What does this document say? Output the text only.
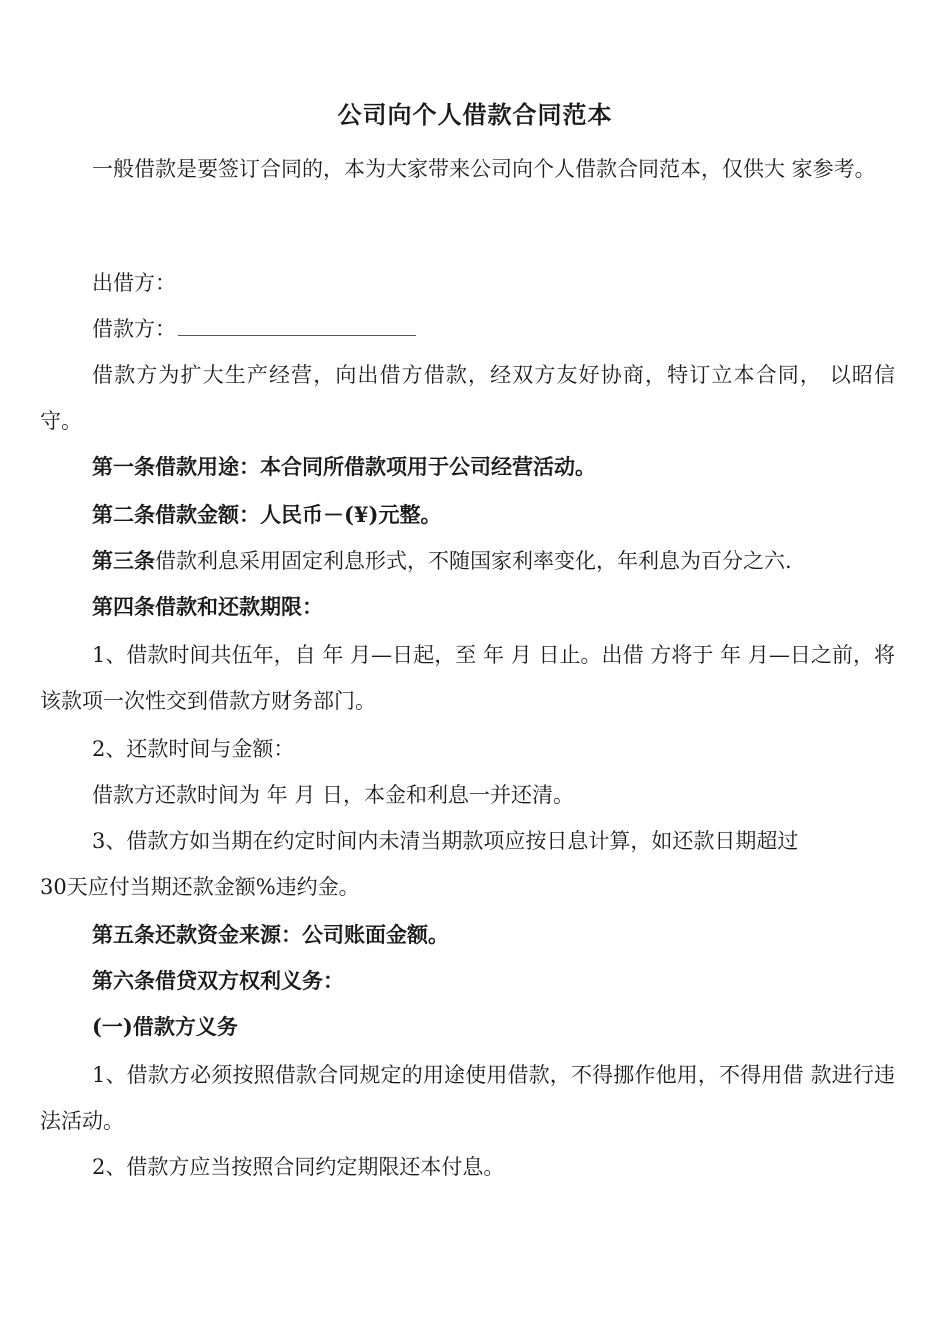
公司向个人借款合同范本
一般借款是要签订合同的，本为大家带来公司向个人借款合同范本，仅供大 家参考。
出借方：
借款方：
借款方为扩大生产经营，向出借方借款，经双方友好协商，特订立本合同， 以昭信守。
第一条借款用途：本合同所借款项用于公司经营活动。
第二条借款金额：人民币－(¥)元整。
第三条借款利息采用固定利息形式，不随国家利率变化，年利息为百分之六.
第四条借款和还款期限：
1、借款时间共伍年，自 年 月—日起，至 年 月 日止。出借 方将于 年 月—日之前，将该款项一次性交到借款方财务部门。
2、还款时间与金额：
借款方还款时间为 年 月 日，本金和利息一并还清。
3、借款方如当期在约定时间内未清当期款项应按日息计算，如还款日期超过
30天应付当期还款金额%违约金。
第五条还款资金来源：公司账面金额。
第六条借贷双方权利义务：
(一)借款方义务
1、借款方必须按照借款合同规定的用途使用借款，不得挪作他用，不得用借 款进行违法活动。
2、借款方应当按照合同约定期限还本付息。
